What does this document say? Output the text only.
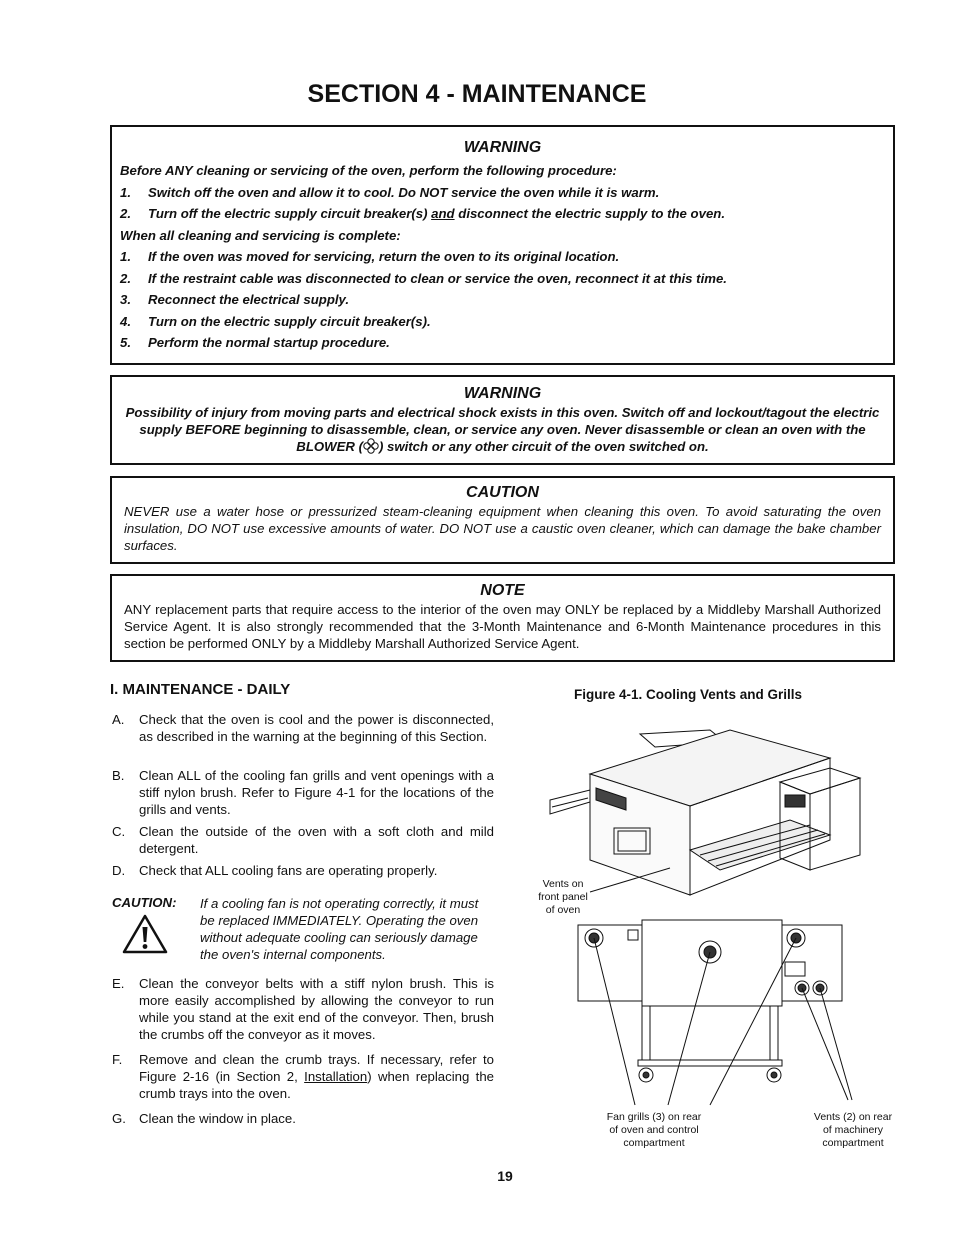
SECTION 4 - MAINTENANCE
WARNING
Before ANY cleaning or servicing of the oven, perform the following procedure:
1. Switch off the oven and allow it to cool. Do NOT service the oven while it is warm.
2. Turn off the electric supply circuit breaker(s) and disconnect the electric supply to the oven.
When all cleaning and servicing is complete:
1. If the oven was moved for servicing, return the oven to its original location.
2. If the restraint cable was disconnected to clean or service the oven, reconnect it at this time.
3. Reconnect the electrical supply.
4. Turn on the electric supply circuit breaker(s).
5. Perform the normal startup procedure.
WARNING
Possibility of injury from moving parts and electrical shock exists in this oven. Switch off and lockout/tagout the electric supply BEFORE beginning to disassemble, clean, or service any oven. Never disassemble or clean an oven with the BLOWER ( ) switch or any other circuit of the oven switched on.
CAUTION
NEVER use a water hose or pressurized steam-cleaning equipment when cleaning this oven. To avoid saturating the oven insulation, DO NOT use excessive amounts of water. DO NOT use a caustic oven cleaner, which can damage the bake chamber surfaces.
NOTE
ANY replacement parts that require access to the interior of the oven may ONLY be replaced by a Middleby Marshall Authorized Service Agent. It is also strongly recommended that the 3-Month Maintenance and 6-Month Maintenance procedures in this section be performed ONLY by a Middleby Marshall Authorized Service Agent.
I. MAINTENANCE - DAILY	Figure 4-1. Cooling Vents and Grills
A. Check that the oven is cool and the power is disconnected, as described in the warning at the beginning of this Section.
B. Clean ALL of the cooling fan grills and vent openings with a stiff nylon brush. Refer to Figure 4-1 for the locations of the grills and vents.
C. Clean the outside of the oven with a soft cloth and mild detergent.
D. Check that ALL cooling fans are operating properly.
CAUTION: If a cooling fan is not operating correctly, it must be replaced IMMEDIATELY. Operating the oven without adequate cooling can seriously damage the oven's internal components.
E. Clean the conveyor belts with a stiff nylon brush. This is more easily accomplished by allowing the conveyor to run while you stand at the exit end of the conveyor. Then, brush the crumbs off the conveyor as it moves.
F. Remove and clean the crumb trays. If necessary, refer to Figure 2-16 (in Section 2, Installation) when replacing the crumb trays into the oven.
G. Clean the window in place.
Vents on
front panel
of oven
Fan grills (3) on rear
of oven and control
compartment
Vents (2) on rear
of machinery
compartment
19
